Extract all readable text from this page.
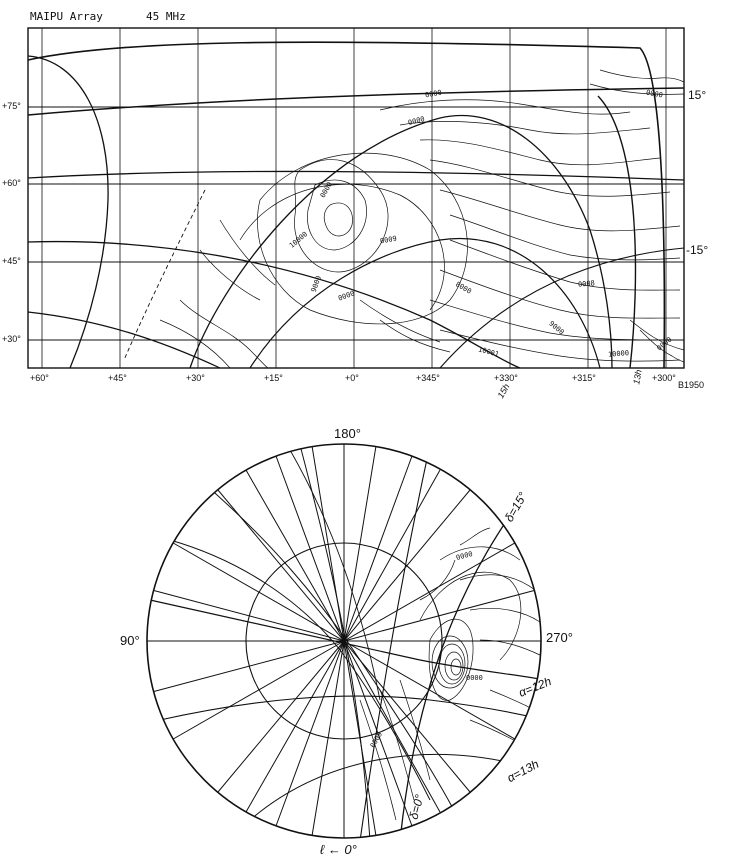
MAIPU Array	45 MHz
+75°
+60°
+45°
+30°
15°
-15°
+60°	+45°	+30°	+15°	+0°	+345°	+330°	+315°	+300°
15h
13h	B1950
0000
0000
0000
10000	0009
0000
9000	8000
10001
0008
10000
0000
9000
0000
180°
90°	270°
ℓ ← 0°
δ=15°
δ=0°
α=12h
α=13h
0000
0000
0009
